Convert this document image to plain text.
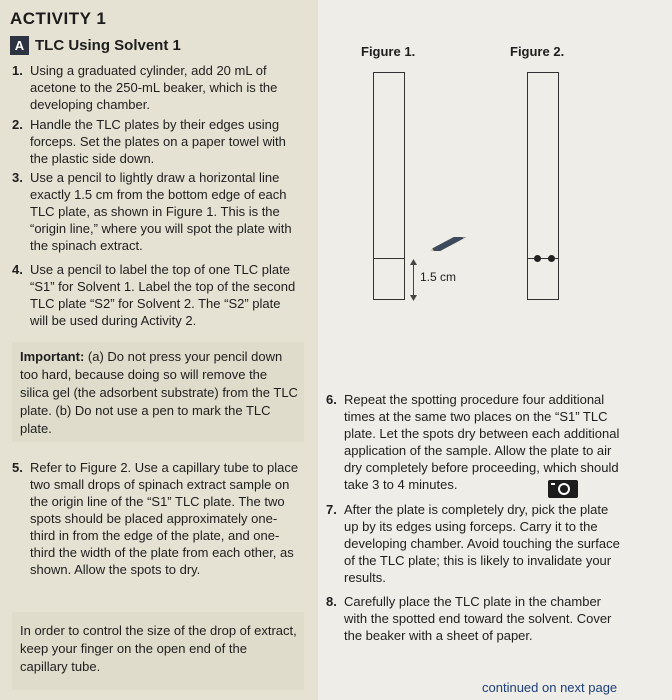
ACTIVITY 1
A TLC Using Solvent 1
1. Using a graduated cylinder, add 20 mL of acetone to the 250-mL beaker, which is the developing chamber.
2. Handle the TLC plates by their edges using forceps. Set the plates on a paper towel with the plastic side down.
3. Use a pencil to lightly draw a horizontal line exactly 1.5 cm from the bottom edge of each TLC plate, as shown in Figure 1. This is the “origin line,” where you will spot the plate with the spinach extract.
4. Use a pencil to label the top of one TLC plate “S1” for Solvent 1. Label the top of the second TLC plate “S2” for Solvent 2. The “S2” plate will be used during Activity 2.
Important: (a) Do not press your pencil down too hard, because doing so will remove the silica gel (the adsorbent substrate) from the TLC plate. (b) Do not use a pen to mark the TLC plate.
5. Refer to Figure 2. Use a capillary tube to place two small drops of spinach extract sample on the origin line of the “S1” TLC plate. The two spots should be placed approximately one-third in from the edge of the plate, and one-third the width of the plate from each other, as shown. Allow the spots to dry.
In order to control the size of the drop of extract, keep your finger on the open end of the capillary tube.
Figure 1.	Figure 2.
1.5 cm
6. Repeat the spotting procedure four additional times at the same two places on the “S1” TLC plate. Let the spots dry between each additional application of the sample. Allow the plate to air dry completely before proceeding, which should take 3 to 4 minutes.
7. After the plate is completely dry, pick the plate up by its edges using forceps. Carry it to the developing chamber. Avoid touching the surface of the TLC plate; this is likely to invalidate your results.
8. Carefully place the TLC plate in the chamber with the spotted end toward the solvent. Cover the beaker with a sheet of paper.
continued on next page
